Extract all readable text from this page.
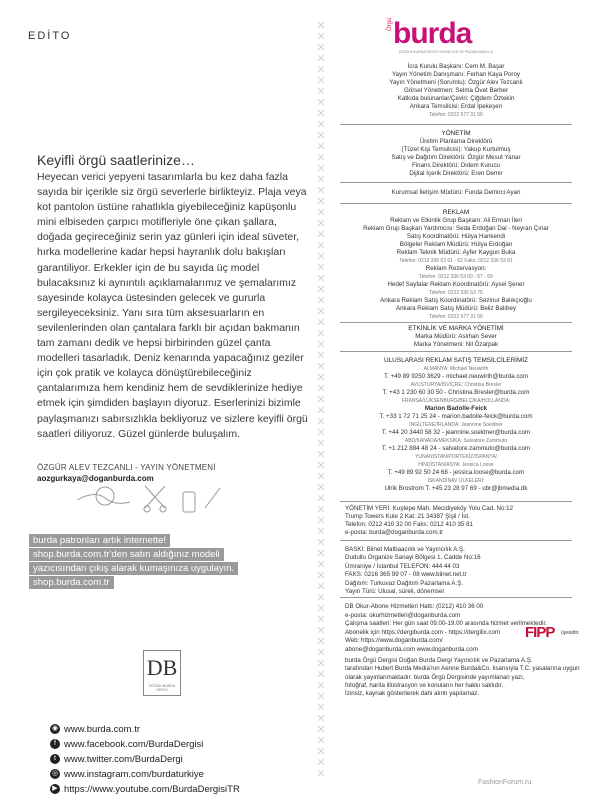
EDİTO
Keyifli örgü saatlerinize…
Heyecan verici yepyeni tasarımlarla bu kez daha fazla sayıda bir içerikle siz örgü severlerle birlikteyiz. Plaja veya kot pantolon üstüne rahatlıkla giyebileceğiniz kapüşonlu mini elbiseden çarpıcı motifleriyle öne çıkan şallara, doğada geçireceğiniz serin yaz günleri için ideal süveter, hırka modellerine kadar hepsi hayranlık dolu bakışları garantiliyor. Erkekler için de bu sayıda üç model bulacaksınız ki aynıntılı açıklamalarımız ve şemalarımız sayesinde kolayca üstesinden gelecek ve gururla sergileyeceksiniz. Yanı sıra tüm aksesuarların en sevilenlerinden olan çantalara farklı bir açıdan bakmanın tam zamanı dedik ve hepsi birbirinden güzel çanta modelleri tasarladık. Deniz kenarında yapacağınız geziler için çok pratik ve kolayca dönüştürebileceğiniz çantalarımıza hem kendiniz hem de sevdiklerinize hediye etmek için şimdiden başlayın diyoruz. Eserlerinizi bizimle paylaşmanızı sabırsızlıkla bekliyoruz ve sizlere keyifli örgü saatleri diliyoruz. Güzel günlerde buluşalım.
ÖZGÜR ALEV TEZCANLI - YAYIN YÖNETMENİ
aozgurkaya@doganburda.com
burda patronları artık internette!
shop.burda.com.tr'den satın aldığınız modeli
yazıcısından çıkış alarak kumaşınıza uygulayın.
shop.burda.com.tr
DB
DOĞAN BURDA DERGİ
◉ www.burda.com.tr
f www.facebook.com/BurdaDergisi
t www.twitter.com/BurdaDergi
◎ www.instagram.com/burdaturkiye
▶ https://www.youtube.com/BurdaDergisiTR
Örgü burda
DOĞAN BURDA DERGİ YAYINCILIK VE PAZARLAMA A.Ş.
İcra Kurulu Başkanı: Cem M. Başar
Yayın Yönetim Danışmanı: Ferhan Kaya Poroy
Yayın Yönetmeni (Sorumlu): Özgür Alev Tezcanlı
Görsel Yönetmen: Selma Övet Berber
Katkıda bulunanlar/Çeviri: Çiğdem Öztekin
Ankara Temsilcisi: Erdal İpekeşen
Telefon: 0312 577 31 56
YÖNETİM
Üretim Planlama Direktörü
(Tüzel Kişi Temsilcisi): Yakup Kurtulmuş
Satış ve Dağıtım Direktörü: Özgür Mesut Yanar
Finans Direktörü: Didem Kurucu
Dijital İçerik Direktörü: Eren Demir
Kurumsal İletişim Müdürü: Funda Demirci Ayan
REKLAM
Reklam ve Etkinlik Grup Başkanı: Ali Erman İleri
Reklam Grup Başkan Yardımcısı: Seda Erdoğan Dal - Neyran Çınar
Satış Koordinatörü: Hülya Hankendi
Bölgeler Reklam Müdürü: Hülya Erdoğan
Reklam Teknik Müdürü: Ayfer Kaygun Buka
Telefon: 0212 336 53 61 - 62 Faks: 0212 336 53 91
Reklam Rezervasyon:
Telefon: 0212 336 53 00 - 57 - 59
Hedef Sayfalar Reklam Koordinatörü: Aysel Şener
Telefon: 0212 336 53 75
Ankara Reklam Satış Koordinatörü: Sezinur Balıkçıoğlu
Ankara Reklam Satış Müdürü: Beliz Balıbey
Telefon: 0312 577 31 56
ETKİNLİK VE MARKA YÖNETİMİ
Marka Müdürü: Aslıhan Sever
Marka Yönetmeni: Nil Özarpak
ULUSLARASI REKLAM SATIŞ TEMSİLCİLERİMİZ
ALMANYA: Michael Neuwirth
T. +49 89 9250 3629 - michael.neuwirth@burda.com
AVUSTURYA/İSVİÇRE: Christina Bresler
T. +43 1 230 60 30 50 - Christina.Bresler@burda.com
FRANSA/LÜKSENBURG/BELÇİKA/HOLLANDA:
Marion Badolle-Feick
T. +33 1 72 71 25 24 - marion.badolle-feick@burda.com
İNGİLTERE/İRLANDA: Jeannine Soeldner
T. +44 20 3440 58 32 - jeannine.soeldner@burda.com
ABD/KANADA/MEKSİKA: Salvatore Zammuto
T. +1 212 884 48 24 - salvatore.zammuto@burda.com
YUNANİSTAN/PORTEKİZ/İSPANYA/
HİNDİSTAN/ASYA: Jessica Loose
T. +49 89 92 50 24 68 - jessica.loose@burda.com
İSKANDİNAV ÜLKELERİ:
Ulrik Brostrom T. +45 23 28 97 69 - ubr@jbmedia.dk
YÖNETİM YERİ: Kuştepe Mah. Mecidiyeköy Yolu Cad. No:12
Trump Towers Kule 2 Kat: 21 34387 Şişli / İst.
Telefon: 0212 410 32 00 Faks: 0212 410 35 81
e-posta: burda@doganburda.com.tr
BASKI: Bilnet Matbaacılık ve Yayıncılık A.Ş.
Dudullu Organize Sanayi Bölgesi 1. Cadde No:16
Ümraniye / İstanbul TELEFON: 444 44 03
FAKS: 0216 365 99 07 - 08 www.bilnet.net.tr
Dağıtım: Turkuvaz Dağıtım Pazarlama A.Ş.
Yayın Türü: Ulusal, süreli, dönemsel
DB Okur-Abone Hizmetleri Hattı: (0212) 410 36 00
e-posta: okurhizmetleri@doganburda.com
Çalışma saatleri: Her gün saat 09.00-19.00 arasında hizmet verilmektedir.
Abonelik için https://dergiburda.com - https://dergilix.com
Web: https://www.doganburda.com/
abone@doganburda.com www.doganburda.com
burda Örgü Dergisi Doğan Burda Dergi Yayıncılık ve Pazarlama A.Ş.
tarafından Hubert Burda Media'nın Aenne Burda&Co. lisansıyla T.C. yasalarına uygun
olarak yayınlanmaktadır. burda Örgü Dergisinde yayımlanan yazı,
fotoğraf, harita illüstrasyon ve konuların her hakkı saklıdır.
İzinsiz, kaynak gösterilerek dahi alıntı yapılamaz.
FIPP üyesidir.
FashionForum.ru
